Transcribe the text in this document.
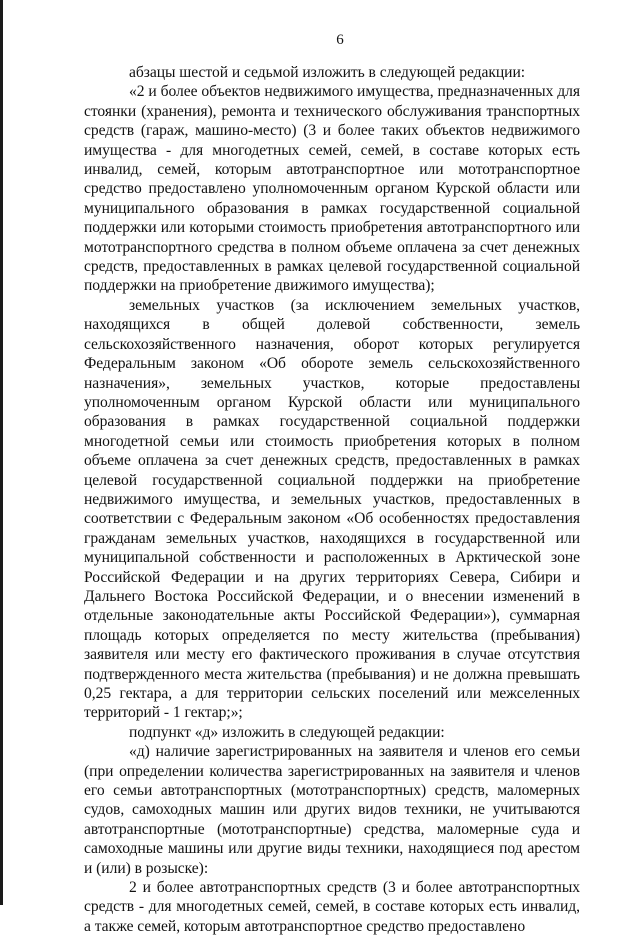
6

абзацы шестой и седьмой изложить в следующей редакции:

«2 и более объектов недвижимого имущества, предназначенных для стоянки (хранения), ремонта и технического обслуживания транспортных средств (гараж, машино-место) (3 и более таких объектов недвижимого имущества - для многодетных семей, семей, в составе которых есть инвалид, семей, которым автотранспортное или мототранспортное средство предоставлено уполномоченным органом Курской области или муниципального образования в рамках государственной социальной поддержки или которыми стоимость приобретения автотранспортного или мототранспортного средства в полном объеме оплачена за счет денежных средств, предоставленных в рамках целевой государственной социальной поддержки на приобретение движимого имущества);

земельных участков (за исключением земельных участков, находящихся в общей долевой собственности, земель сельскохозяйственного назначения, оборот которых регулируется Федеральным законом «Об обороте земель сельскохозяйственного назначения», земельных участков, которые предоставлены уполномоченным органом Курской области или муниципального образования в рамках государственной социальной поддержки многодетной семьи или стоимость приобретения которых в полном объеме оплачена за счет денежных средств, предоставленных в рамках целевой государственной социальной поддержки на приобретение недвижимого имущества, и земельных участков, предоставленных в соответствии с Федеральным законом «Об особенностях предоставления гражданам земельных участков, находящихся в государственной или муниципальной собственности и расположенных в Арктической зоне Российской Федерации и на других территориях Севера, Сибири и Дальнего Востока Российской Федерации, и о внесении изменений в отдельные законодательные акты Российской Федерации»), суммарная площадь которых определяется по месту жительства (пребывания) заявителя или месту его фактического проживания в случае отсутствия подтвержденного места жительства (пребывания) и не должна превышать 0,25 гектара, а для территории сельских поселений или межселенных территорий - 1 гектар;»;

подпункт «д» изложить в следующей редакции:

«д) наличие зарегистрированных на заявителя и членов его семьи (при определении количества зарегистрированных на заявителя и членов его семьи автотранспортных (мототранспортных) средств, маломерных судов, самоходных машин или других видов техники, не учитываются автотранспортные (мототранспортные) средства, маломерные суда и самоходные машины или другие виды техники, находящиеся под арестом и (или) в розыске):

2 и более автотранспортных средств (3 и более автотранспортных средств - для многодетных семей, семей, в составе которых есть инвалид, а также семей, которым автотранспортное средство предоставлено
